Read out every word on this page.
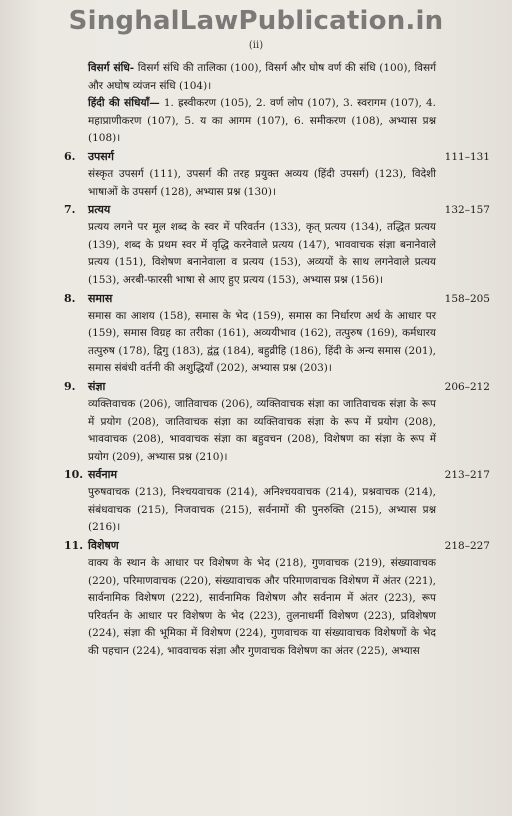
SinghalLawPublication.in
(ii)
विसर्ग संधि- विसर्ग संधि की तालिका (100), विसर्ग और घोष वर्ण की संधि (100), विसर्ग और अघोष व्यंजन संधि (104)।
हिंदी की संधियाँ— 1. ह्रस्वीकरण (105), 2. वर्ण लोप (107), 3. स्वरागम (107), 4. महाप्राणीकरण (107), 5. य का आगम (107), 6. समीकरण (108), अभ्यास प्रश्न (108)।
6. उपसर्ग	111–131
संस्कृत उपसर्ग (111), उपसर्ग की तरह प्रयुक्त अव्यय (हिंदी उपसर्ग) (123), विदेशी भाषाओं के उपसर्ग (128), अभ्यास प्रश्न (130)।
7. प्रत्यय	132–157
प्रत्यय लगने पर मूल शब्द के स्वर में परिवर्तन (133), कृत् प्रत्यय (134), तद्धित प्रत्यय (139), शब्द के प्रथम स्वर में वृद्धि करनेवाले प्रत्यय (147), भाववाचक संज्ञा बनानेवाले प्रत्यय (151), विशेषण बनानेवाला व प्रत्यय (153), अव्ययों के साथ लगनेवाले प्रत्यय (153), अरबी-फारसी भाषा से आए हुए प्रत्यय (153), अभ्यास प्रश्न (156)।
8. समास	158–205
समास का आशय (158), समास के भेद (159), समास का निर्धारण अर्थ के आधार पर (159), समास विग्रह का तरीका (161), अव्ययीभाव (162), तत्पुरुष (169), कर्मधारय तत्पुरुष (178), द्विगु (183), द्वंद्व (184), बहुव्रीहि (186), हिंदी के अन्य समास (201), समास संबंधी वर्तनी की अशुद्धियाँ (202), अभ्यास प्रश्न (203)।
9. संज्ञा	206–212
व्यक्तिवाचक (206), जातिवाचक (206), व्यक्तिवाचक संज्ञा का जातिवाचक संज्ञा के रूप में प्रयोग (208), जातिवाचक संज्ञा का व्यक्तिवाचक संज्ञा के रूप में प्रयोग (208), भाववाचक (208), भाववाचक संज्ञा का बहुवचन (208), विशेषण का संज्ञा के रूप में प्रयोग (209), अभ्यास प्रश्न (210)।
10. सर्वनाम	213–217
पुरुषवाचक (213), निश्चयवाचक (214), अनिश्चयवाचक (214), प्रश्नवाचक (214), संबंधवाचक (215), निजवाचक (215), सर्वनामों की पुनरुक्ति (215), अभ्यास प्रश्न (216)।
11. विशेषण	218–227
वाक्य के स्थान के आधार पर विशेषण के भेद (218), गुणवाचक (219), संख्यावाचक (220), परिमाणवाचक (220), संख्यावाचक और परिमाणवाचक विशेषण में अंतर (221), सार्वनामिक विशेषण (222), सार्वनामिक विशेषण और सर्वनाम में अंतर (223), रूप परिवर्तन के आधार पर विशेषण के भेद (223), तुलनाधर्मी विशेषण (223), प्रविशेषण (224), संज्ञा की भूमिका में विशेषण (224), गुणवाचक या संख्यावाचक विशेषणों के भेद की पहचान (224), भाववाचक संज्ञा और गुणवाचक विशेषण का अंतर (225), अभ्यास
